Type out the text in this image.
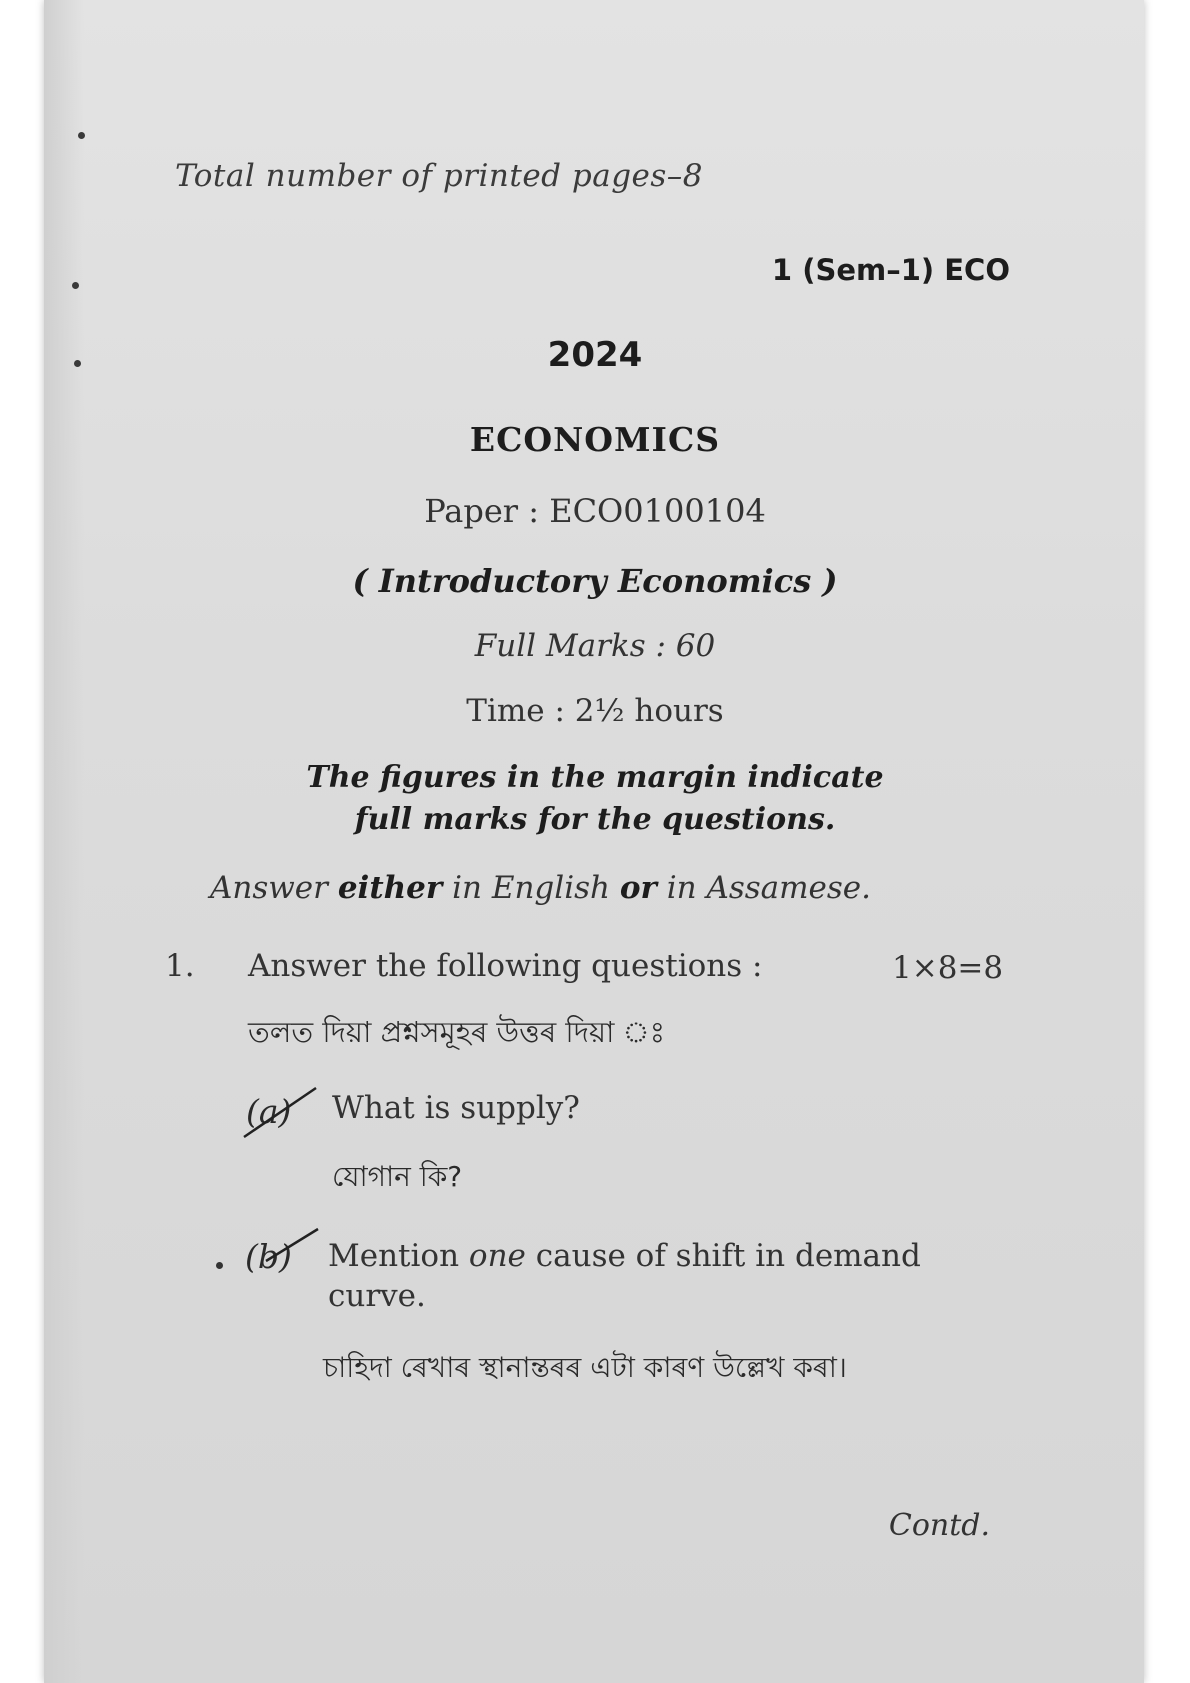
Total number of printed pages–8

1 (Sem–1) ECO

2024

ECONOMICS

Paper : ECO0100104

( Introductory Economics )

Full Marks : 60

Time : 2½ hours

The figures in the margin indicate full marks for the questions.

Answer either in English or in Assamese.

1. Answer the following questions :	1×8=8

তলত দিয়া প্ৰশ্নসমূহৰ উত্তৰ দিয়া ঃ

(a) What is supply?

যোগান কি?

(b) Mention one cause of shift in demand curve.

চাহিদা ৰেখাৰ স্থানান্তৰৰ এটা কাৰণ উল্লেখ কৰা।

Contd.
